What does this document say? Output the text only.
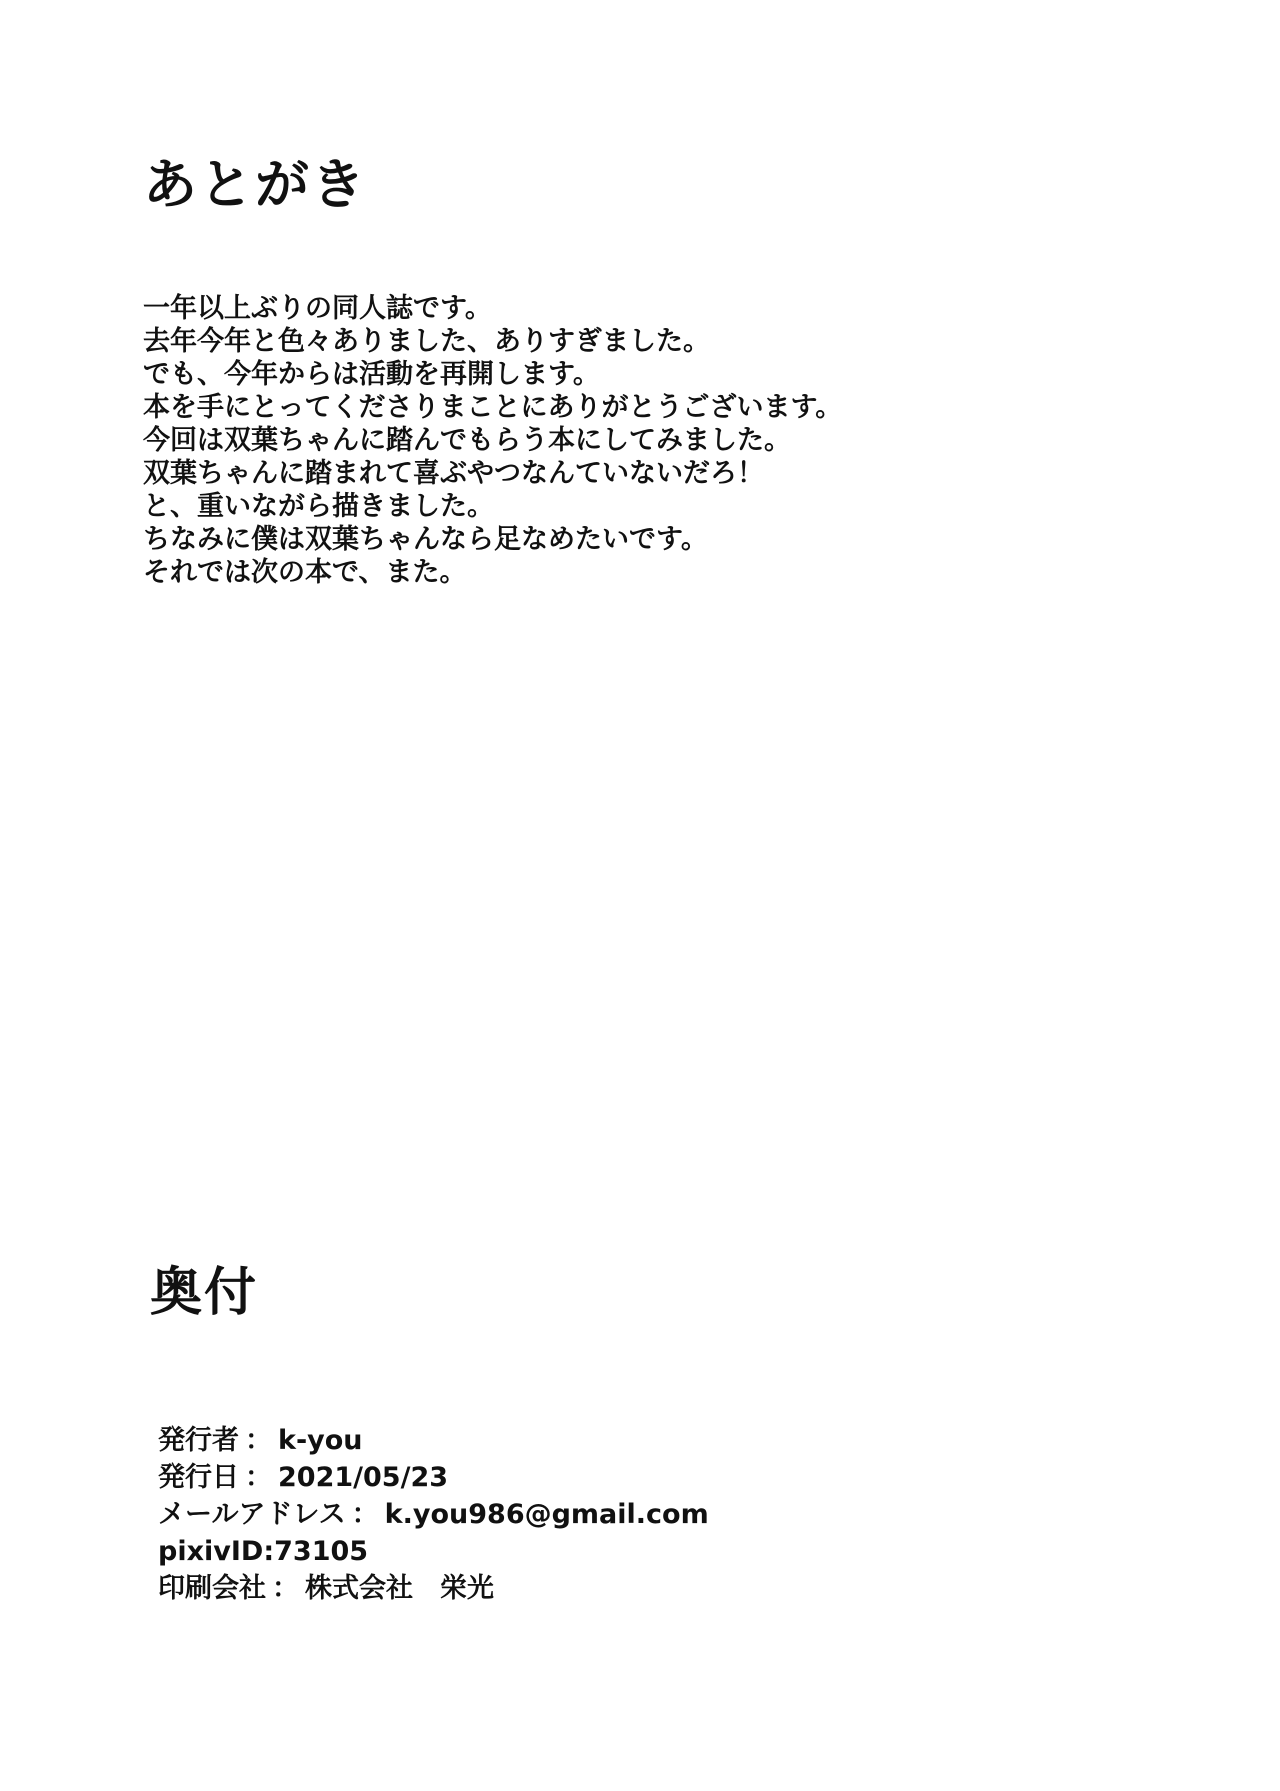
あとがき
一年以上ぶりの同人誌です。
去年今年と色々ありました、ありすぎました。
でも、今年からは活動を再開します。
本を手にとってくださりまことにありがとうございます。
今回は双葉ちゃんに踏んでもらう本にしてみました。
双葉ちゃんに踏まれて喜ぶやつなんていないだろ！
と、重いながら描きました。
ちなみに僕は双葉ちゃんなら足なめたいです。
それでは次の本で、また。
奥付
発行者 ： k-you
発行日 ： 2021/05/23
メールアドレス ： k.you986@gmail.com
pixivID:73105
印刷会社 ： 株式会社　栄光
